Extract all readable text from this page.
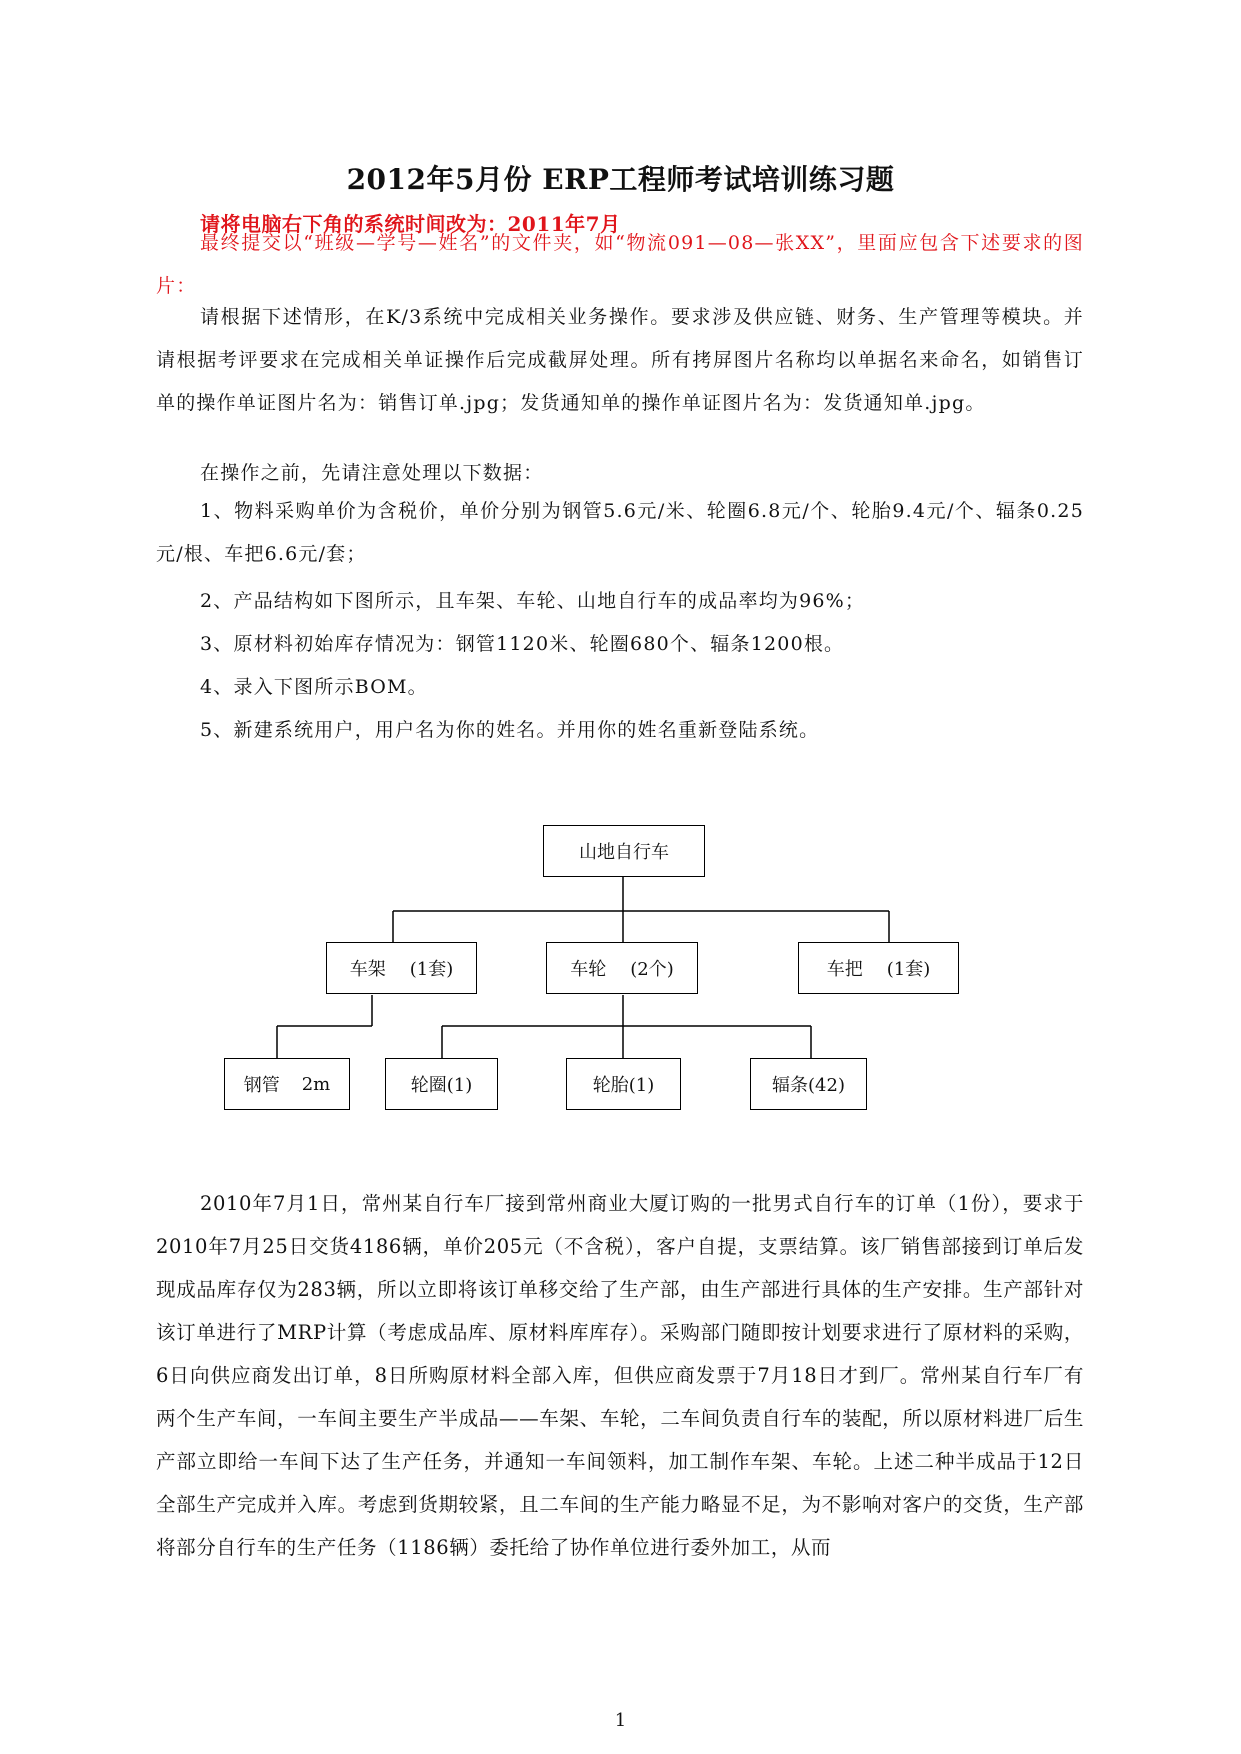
2012年5月份 ERP工程师考试培训练习题
请将电脑右下角的系统时间改为：2011年7月
最终提交以“班级—学号—姓名”的文件夹，如“物流091—08—张XX”，里面应包含下述要求的图片：
请根据下述情形，在K/3系统中完成相关业务操作。要求涉及供应链、财务、生产管理等模块。并请根据考评要求在完成相关单证操作后完成截屏处理。所有拷屏图片名称均以单据名来命名，如销售订单的操作单证图片名为：销售订单.jpg；发货通知单的操作单证图片名为：发货通知单.jpg。
在操作之前，先请注意处理以下数据：
1、物料采购单价为含税价，单价分别为钢管5.6元/米、轮圈6.8元/个、轮胎9.4元/个、辐条0.25元/根、车把6.6元/套；
2、产品结构如下图所示，且车架、车轮、山地自行车的成品率均为96%；
3、原材料初始库存情况为：钢管1120米、轮圈680个、辐条1200根。
4、录入下图所示BOM。
5、新建系统用户，用户名为你的姓名。并用你的姓名重新登陆系统。
山地自行车
车架 (1套)	车轮 (2个)	车把 (1套)
钢管 2m	轮圈(1)	轮胎(1)	辐条(42)
2010年7月1日，常州某自行车厂接到常州商业大厦订购的一批男式自行车的订单（1份），要求于2010年7月25日交货4186辆，单价205元（不含税），客户自提，支票结算。该厂销售部接到订单后发现成品库存仅为283辆，所以立即将该订单移交给了生产部，由生产部进行具体的生产安排。生产部针对该订单进行了MRP计算（考虑成品库、原材料库库存）。采购部门随即按计划要求进行了原材料的采购，6日向供应商发出订单，8日所购原材料全部入库，但供应商发票于7月18日才到厂。常州某自行车厂有两个生产车间，一车间主要生产半成品——车架、车轮，二车间负责自行车的装配，所以原材料进厂后生产部立即给一车间下达了生产任务，并通知一车间领料，加工制作车架、车轮。上述二种半成品于12日全部生产完成并入库。考虑到货期较紧，且二车间的生产能力略显不足，为不影响对客户的交货，生产部将部分自行车的生产任务（1186辆）委托给了协作单位进行委外加工，从而
1
